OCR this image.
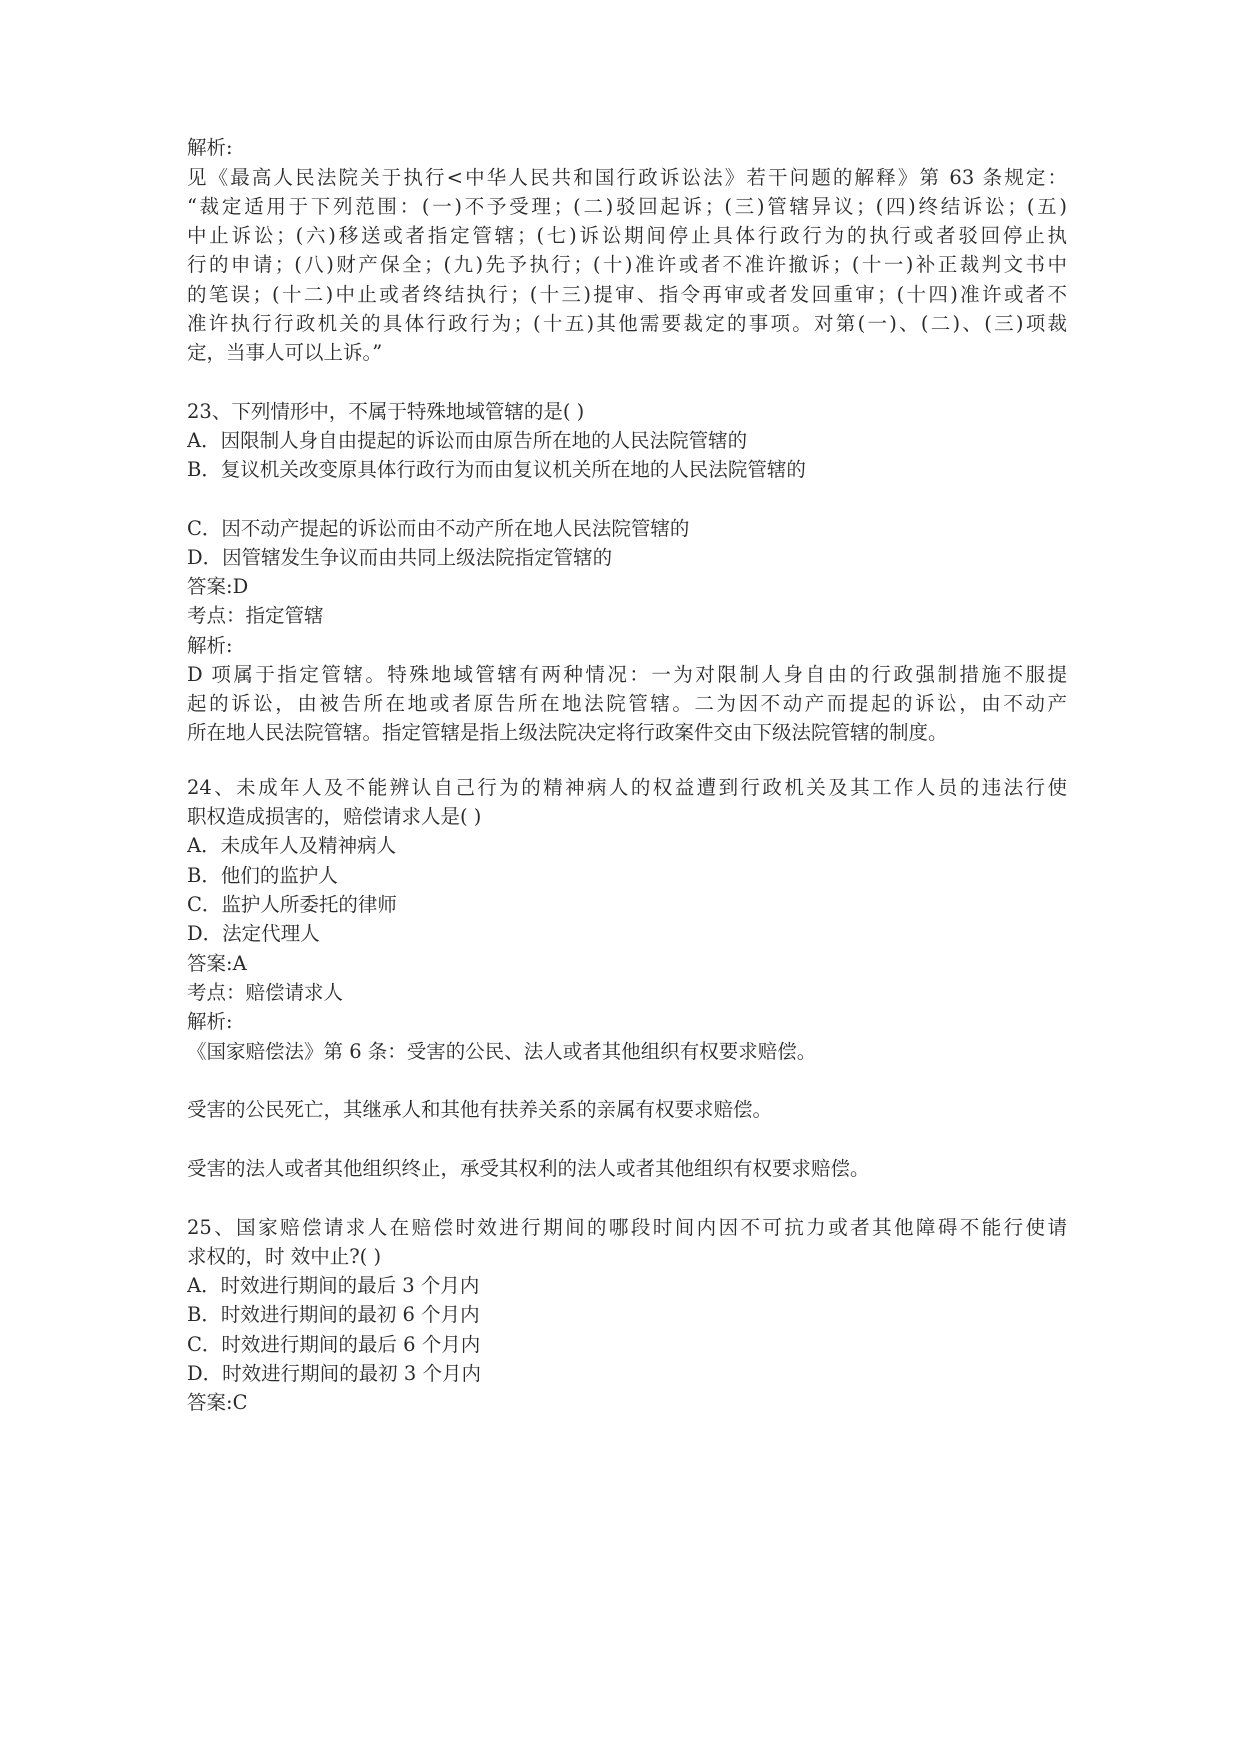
解析:
见《最高人民法院关于执行<中华人民共和国行政诉讼法》若干问题的解释》第 63 条规定：
“裁定适用于下列范围：(一)不予受理；(二)驳回起诉；(三)管辖异议；(四)终结诉讼；(五)
中止诉讼；(六)移送或者指定管辖；(七)诉讼期间停止具体行政行为的执行或者驳回停止执
行的申请；(八)财产保全；(九)先予执行；(十)准许或者不准许撤诉；(十一)补正裁判文书中
的笔误；(十二)中止或者终结执行；(十三)提审、指令再审或者发回重审；(十四)准许或者不
准许执行行政机关的具体行政行为；(十五)其他需要裁定的事项。对第(一)、(二)、(三)项裁
定，当事人可以上诉。”
23、下列情形中，不属于特殊地域管辖的是( )
A．因限制人身自由提起的诉讼而由原告所在地的人民法院管辖的
B．复议机关改变原具体行政行为而由复议机关所在地的人民法院管辖的
C．因不动产提起的诉讼而由不动产所在地人民法院管辖的
D．因管辖发生争议而由共同上级法院指定管辖的
答案:D
考点：指定管辖
解析:
D 项属于指定管辖。特殊地域管辖有两种情况：一为对限制人身自由的行政强制措施不服提
起的诉讼，由被告所在地或者原告所在地法院管辖。二为因不动产而提起的诉讼，由不动产
所在地人民法院管辖。指定管辖是指上级法院决定将行政案件交由下级法院管辖的制度。
24、未成年人及不能辨认自己行为的精神病人的权益遭到行政机关及其工作人员的违法行使
职权造成损害的，赔偿请求人是( )
A．未成年人及精神病人
B．他们的监护人
C．监护人所委托的律师
D．法定代理人
答案:A
考点：赔偿请求人
解析:
《国家赔偿法》第 6 条：受害的公民、法人或者其他组织有权要求赔偿。
受害的公民死亡，其继承人和其他有扶养关系的亲属有权要求赔偿。
受害的法人或者其他组织终止，承受其权利的法人或者其他组织有权要求赔偿。
25、国家赔偿请求人在赔偿时效进行期间的哪段时间内因不可抗力或者其他障碍不能行使请
求权的，时 效中止?( )
A．时效进行期间的最后 3 个月内
B．时效进行期间的最初 6 个月内
C．时效进行期间的最后 6 个月内
D．时效进行期间的最初 3 个月内
答案:C
